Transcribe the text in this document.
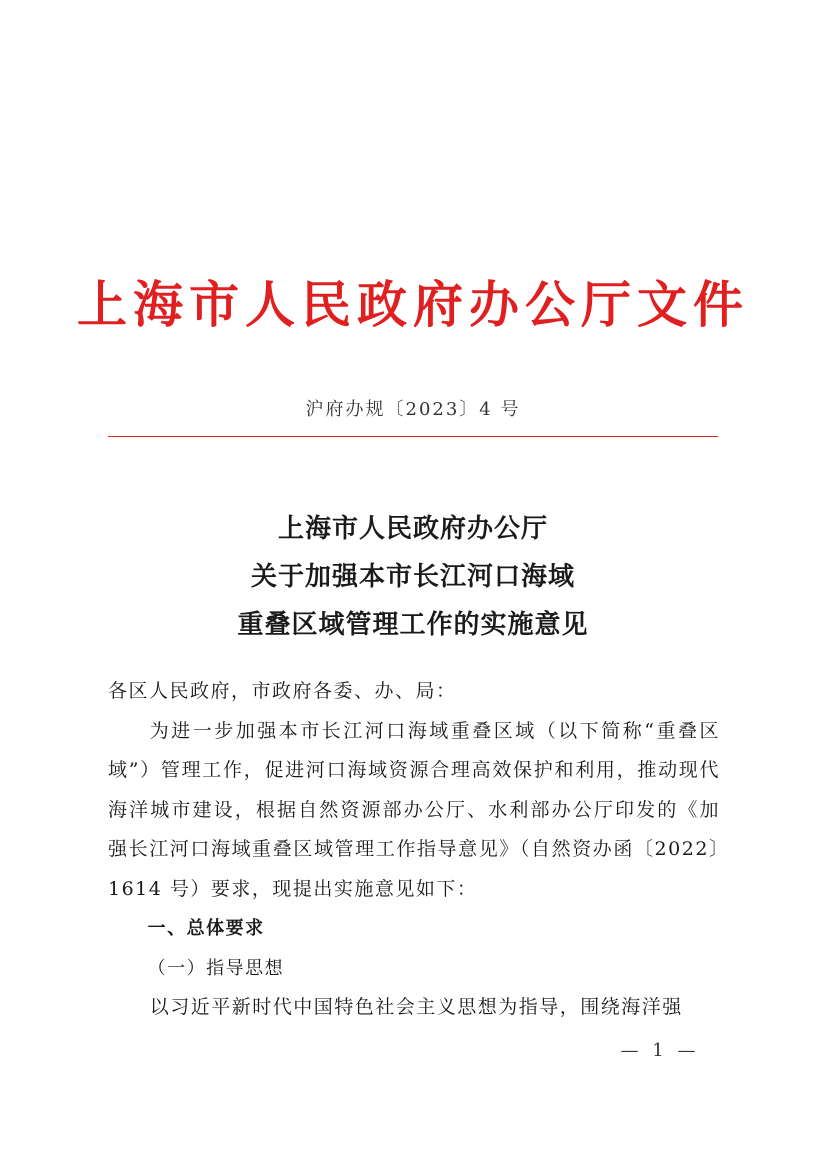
上海市人民政府办公厅文件
沪府办规〔2023〕4 号
上海市人民政府办公厅
关于加强本市长江河口海域
重叠区域管理工作的实施意见

各区人民政府，市政府各委、办、局：

为进一步加强本市长江河口海域重叠区域（以下简称“重叠区域”）管理工作，促进河口海域资源合理高效保护和利用，推动现代海洋城市建设，根据自然资源部办公厅、水利部办公厅印发的《加强长江河口海域重叠区域管理工作指导意见》（自然资办函〔2022〕1614 号）要求，现提出实施意见如下：

一、总体要求

（一）指导思想

以习近平新时代中国特色社会主义思想为指导，围绕海洋强

— 1 —
